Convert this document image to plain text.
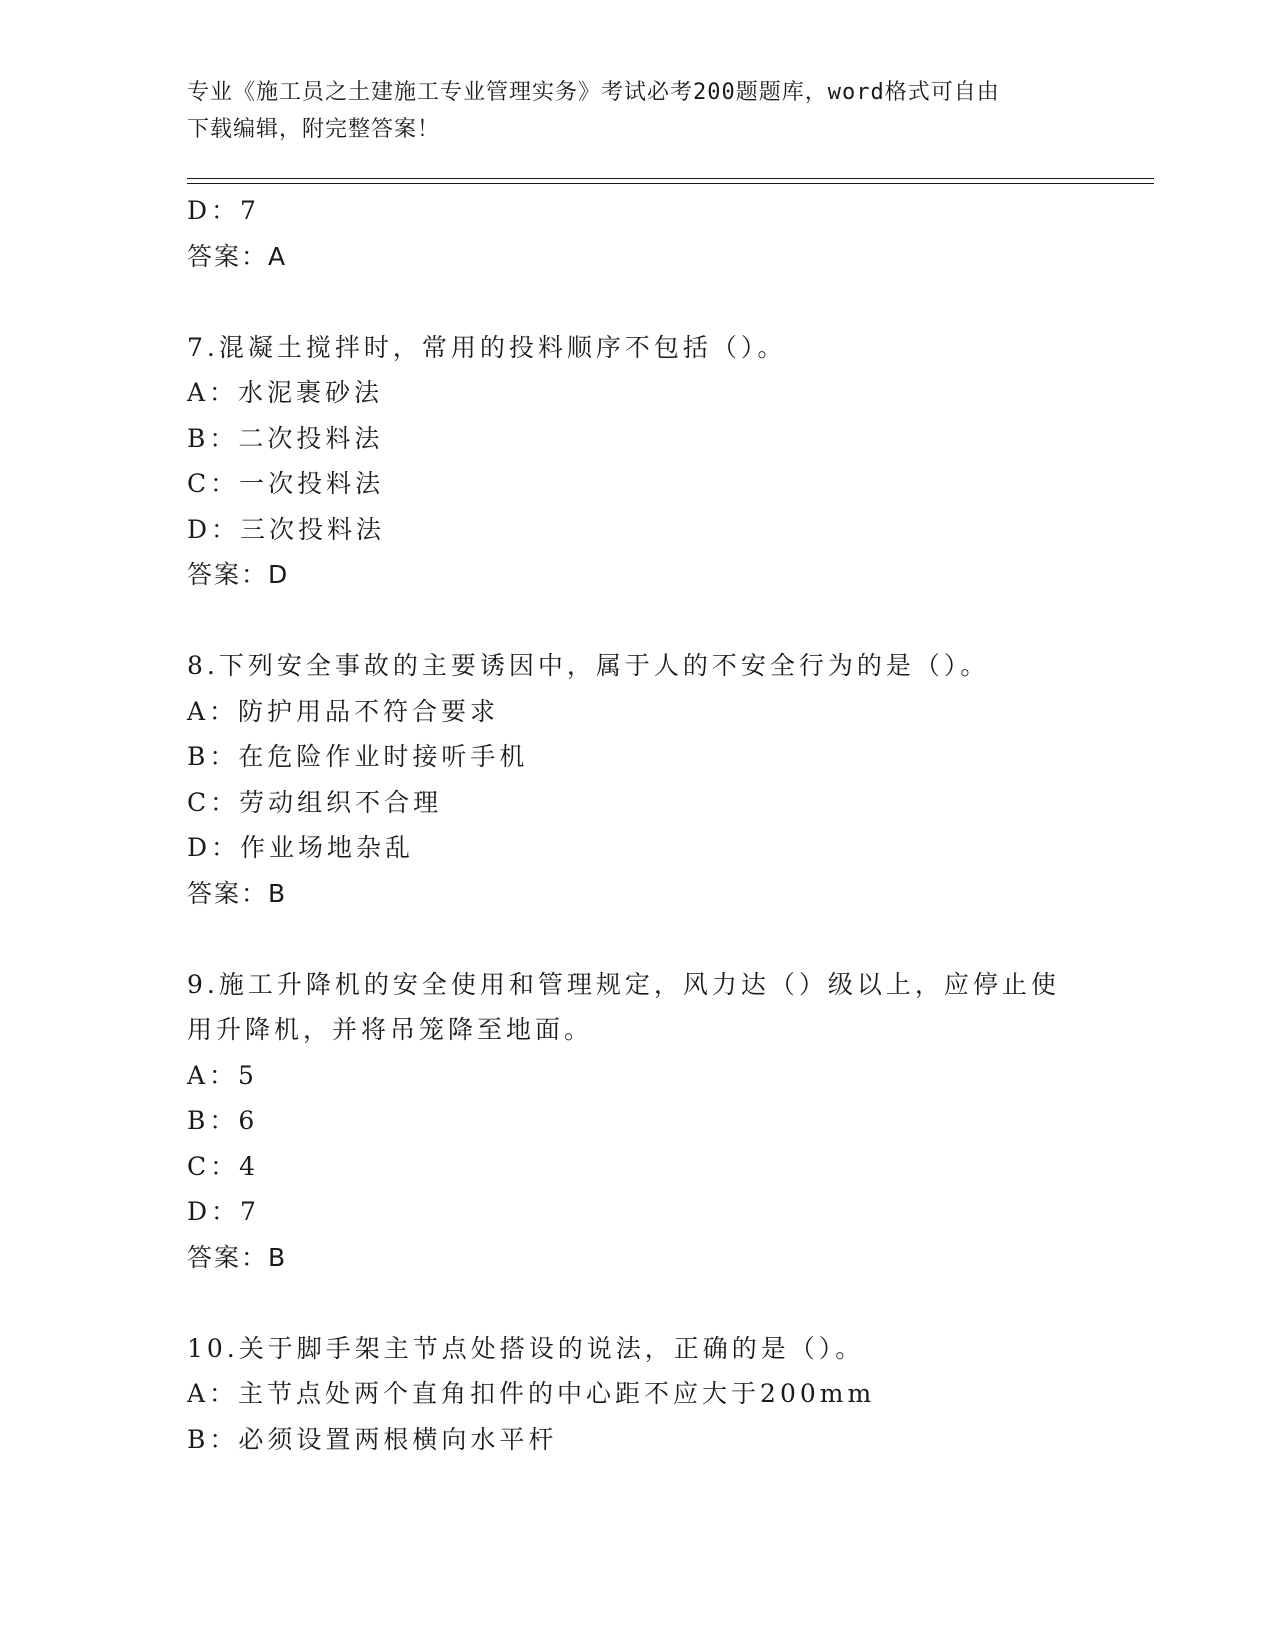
专业《施工员之土建施工专业管理实务》考试必考200题题库，word格式可自由
下载编辑，附完整答案！
D：7
答案：A
7.混凝土搅拌时，常用的投料顺序不包括（）。
A：水泥裹砂法
B：二次投料法
C：一次投料法
D：三次投料法
答案：D
8.下列安全事故的主要诱因中，属于人的不安全行为的是（）。
A：防护用品不符合要求
B：在危险作业时接听手机
C：劳动组织不合理
D：作业场地杂乱
答案：B
9.施工升降机的安全使用和管理规定，风力达（）级以上，应停止使
用升降机，并将吊笼降至地面。
A：5
B：6
C：4
D：7
答案：B
10.关于脚手架主节点处搭设的说法，正确的是（）。
A：主节点处两个直角扣件的中心距不应大于200mm
B：必须设置两根横向水平杆
